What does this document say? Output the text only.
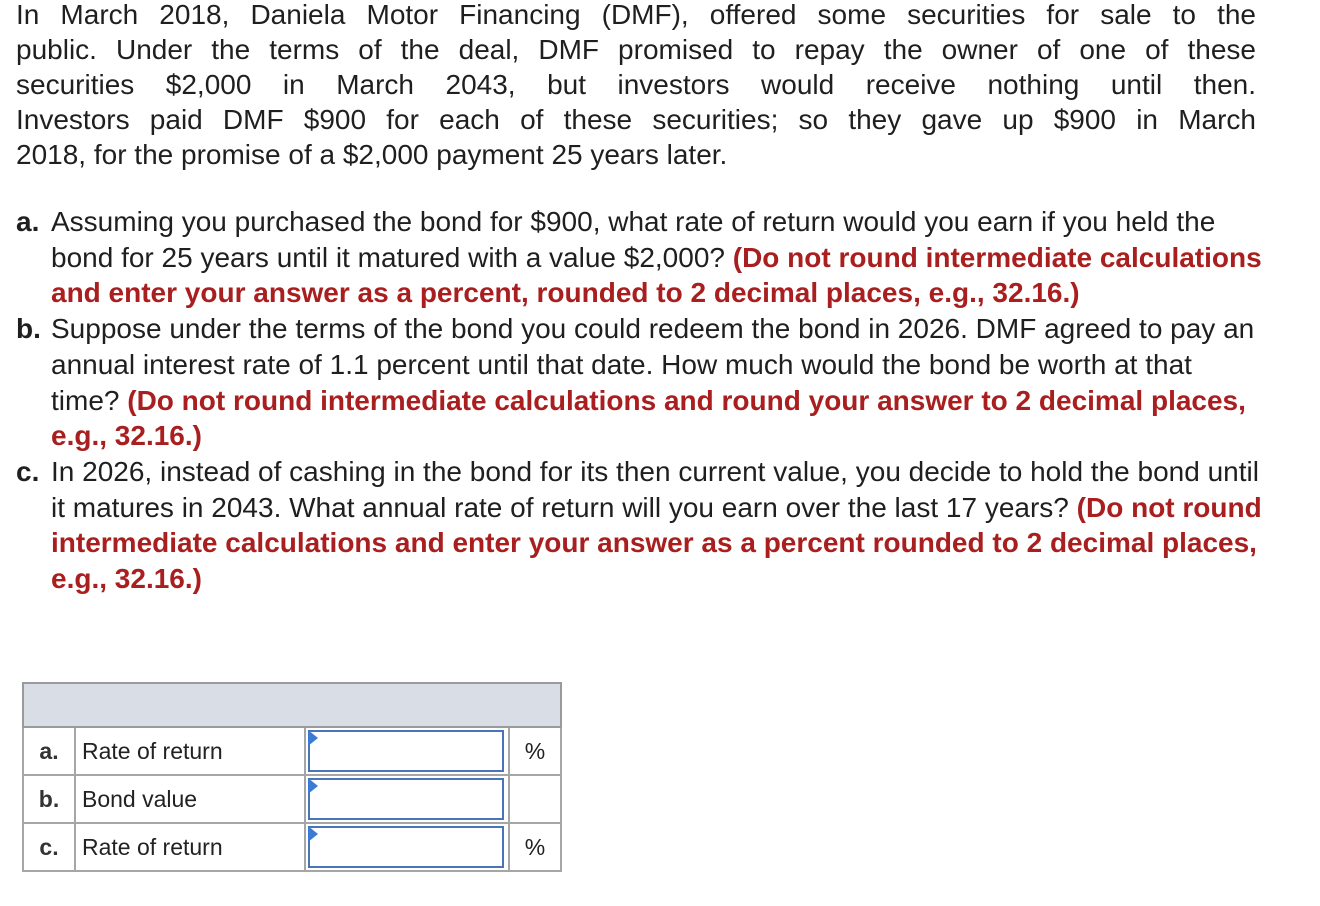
In March 2018, Daniela Motor Financing (DMF), offered some securities for sale to the
public. Under the terms of the deal, DMF promised to repay the owner of one of these
securities $2,000 in March 2043, but investors would receive nothing until then.
Investors paid DMF $900 for each of these securities; so they gave up $900 in March
2018, for the promise of a $2,000 payment 25 years later.
a. Assuming you purchased the bond for $900, what rate of return would you earn if you held the bond for 25 years until it matured with a value $2,000? (Do not round intermediate calculations and enter your answer as a percent, rounded to 2 decimal places, e.g., 32.16.)
b. Suppose under the terms of the bond you could redeem the bond in 2026. DMF agreed to pay an annual interest rate of 1.1 percent until that date. How much would the bond be worth at that time? (Do not round intermediate calculations and round your answer to 2 decimal places, e.g., 32.16.)
c. In 2026, instead of cashing in the bond for its then current value, you decide to hold the bond until it matures in 2043. What annual rate of return will you earn over the last 17 years? (Do not round intermediate calculations and enter your answer as a percent rounded to 2 decimal places, e.g., 32.16.)

a.	Rate of return		%
b.	Bond value	

c.	Rate of return		%
